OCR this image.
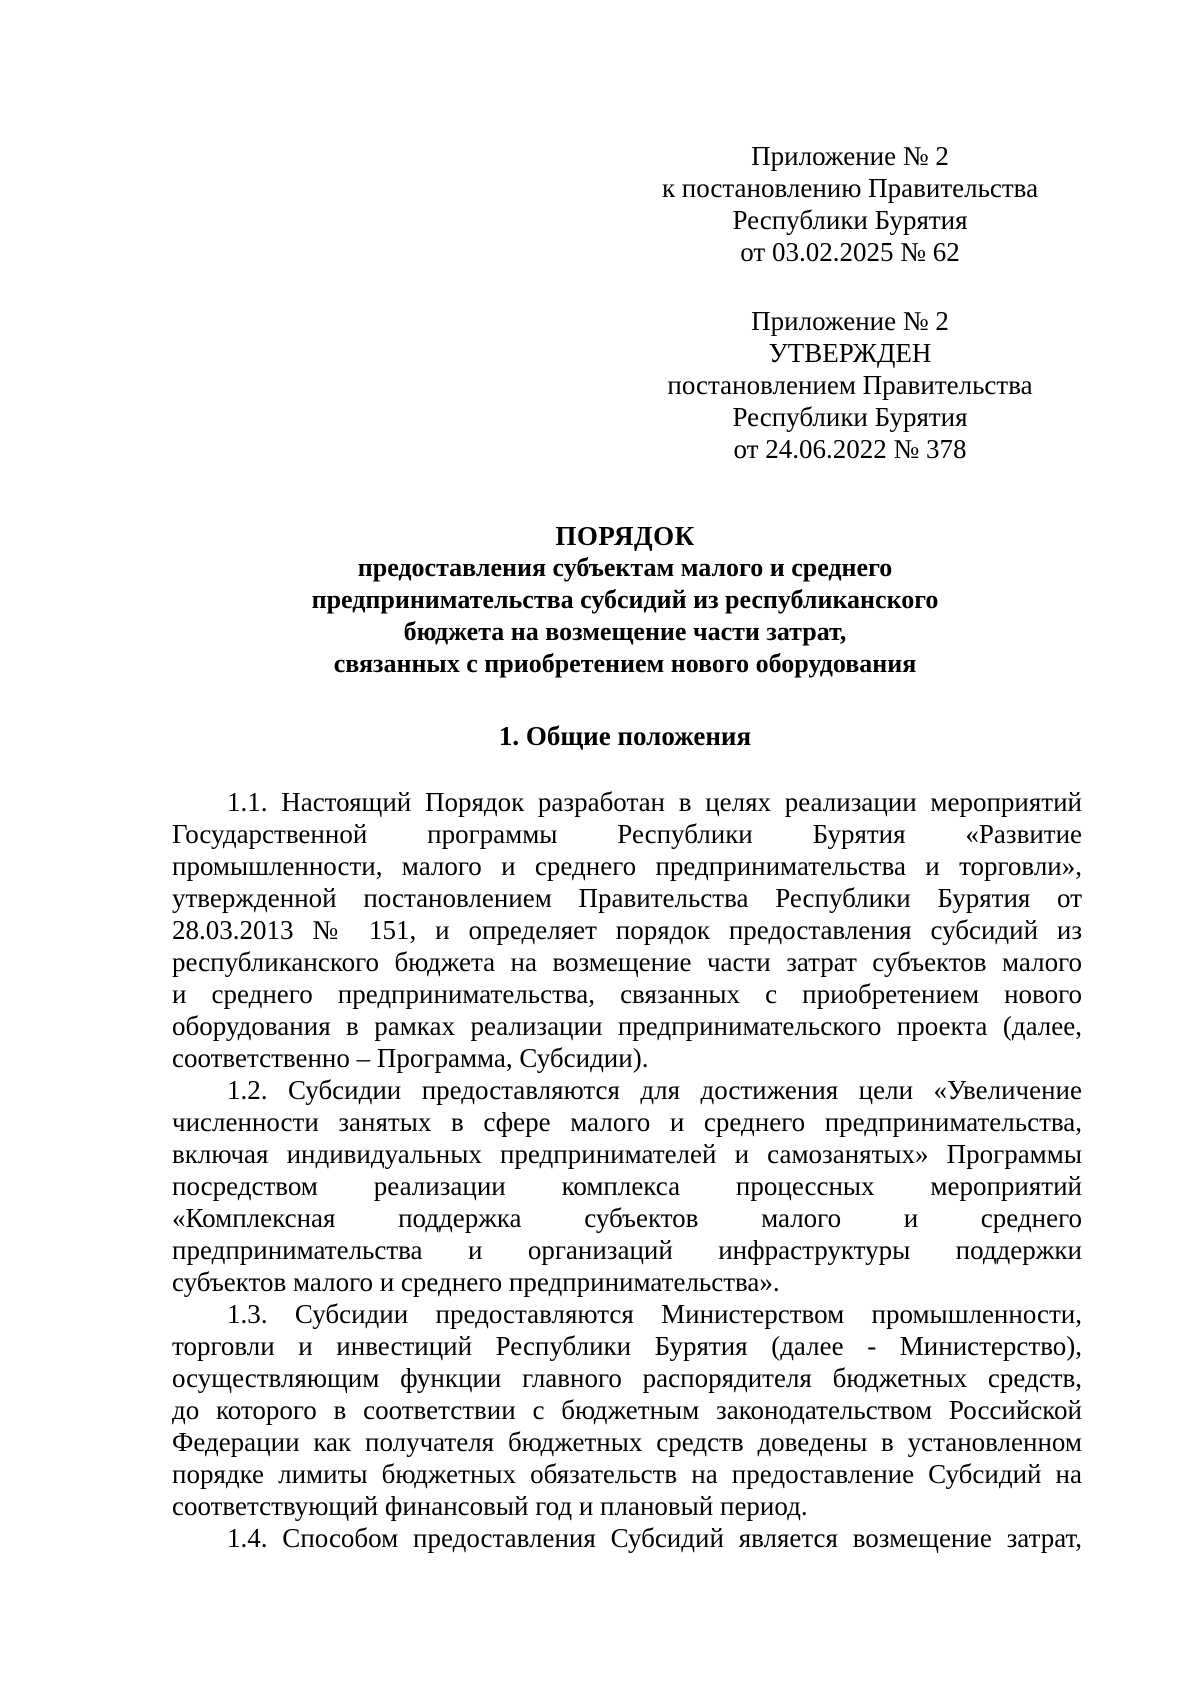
Приложение № 2
к постановлению Правительства
Республики Бурятия
от 03.02.2025 № 62
Приложение № 2
УТВЕРЖДЕН
постановлением Правительства
Республики Бурятия
от 24.06.2022 № 378
ПОРЯДОК
предоставления субъектам малого и среднего
предпринимательства субсидий из республиканского
бюджета на возмещение части затрат,
связанных с приобретением нового оборудования
1. Общие положения

1.1. Настоящий Порядок разработан в целях реализации мероприятий
Государственной программы Республики Бурятия «Развитие
промышленности, малого и среднего предпринимательства и торговли»,
утвержденной постановлением Правительства Республики Бурятия от
28.03.2013 № 151, и определяет порядок предоставления субсидий из
республиканского бюджета на возмещение части затрат субъектов малого
и среднего предпринимательства, связанных с приобретением нового
оборудования в рамках реализации предпринимательского проекта (далее,
соответственно – Программа, Субсидии).

1.2. Субсидии предоставляются для достижения цели «Увеличение
численности занятых в сфере малого и среднего предпринимательства,
включая индивидуальных предпринимателей и самозанятых» Программы
посредством реализации комплекса процессных мероприятий
«Комплексная поддержка субъектов малого и среднего
предпринимательства и организаций инфраструктуры поддержки
субъектов малого и среднего предпринимательства».

1.3. Субсидии предоставляются Министерством промышленности,
торговли и инвестиций Республики Бурятия (далее - Министерство),
осуществляющим функции главного распорядителя бюджетных средств,
до которого в соответствии с бюджетным законодательством Российской
Федерации как получателя бюджетных средств доведены в установленном
порядке лимиты бюджетных обязательств на предоставление Субсидий на
соответствующий финансовый год и плановый период.

1.4. Способом предоставления Субсидий является возмещение затрат,
